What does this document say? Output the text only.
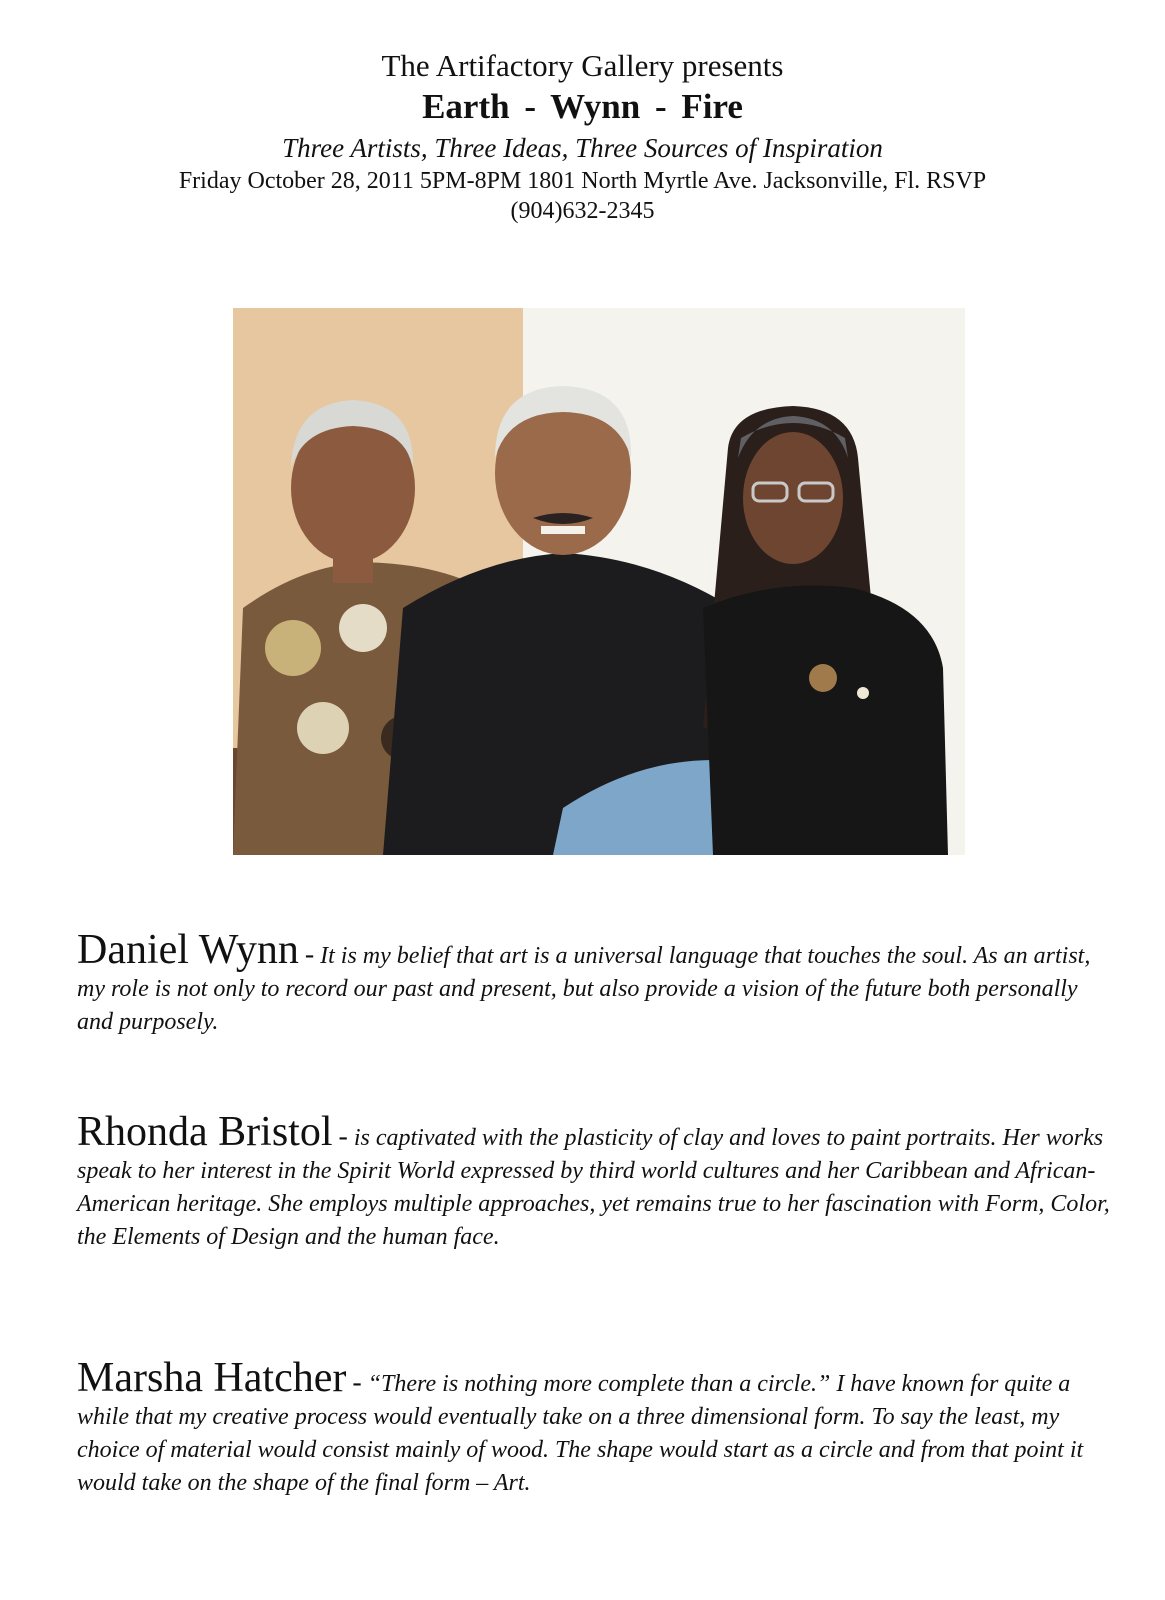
The Artifactory Gallery presents

Earth - Wynn - Fire

Three Artists, Three Ideas, Three Sources of Inspiration

Friday October 28, 2011 5PM-8PM 1801 North Myrtle Ave. Jacksonville, Fl. RSVP

(904)632-2345

Daniel Wynn - It is my belief that art is a universal language that touches the soul. As an artist, my role is not only to record our past and present, but also provide a vision of the future both personally and purposely.

Rhonda Bristol - is captivated with the plasticity of clay and loves to paint portraits. Her works speak to her interest in the Spirit World expressed by third world cultures and her Caribbean and African-American heritage. She employs multiple approaches, yet remains true to her fascination with Form, Color, the Elements of Design and the human face.

Marsha Hatcher - “There is nothing more complete than a circle.” I have known for quite a while that my creative process would eventually take on a three dimensional form. To say the least, my choice of material would consist mainly of wood. The shape would start as a circle and from that point it would take on the shape of the final form – Art.
